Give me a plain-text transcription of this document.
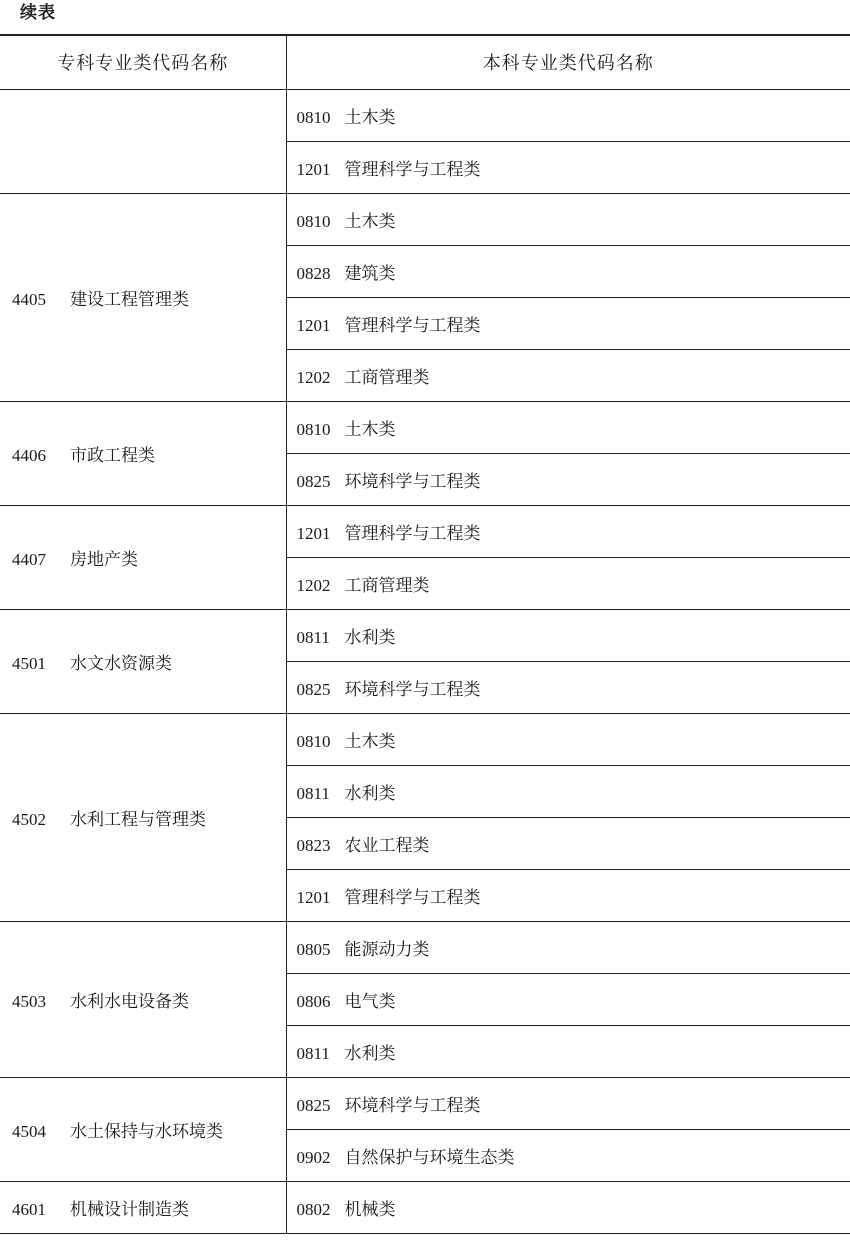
续表
专科专业类代码名称	本科专业类代码名称
	0810 土木类
	1201 管理科学与工程类
4405 建设工程管理类	0810 土木类
	0828 建筑类
	1201 管理科学与工程类
	1202 工商管理类
4406 市政工程类	0810 土木类
	0825 环境科学与工程类
4407 房地产类	1201 管理科学与工程类
	1202 工商管理类
4501 水文水资源类	0811 水利类
	0825 环境科学与工程类
4502 水利工程与管理类	0810 土木类
	0811 水利类
	0823 农业工程类
	1201 管理科学与工程类
4503 水利水电设备类	0805 能源动力类
	0806 电气类
	0811 水利类
4504 水土保持与水环境类	0825 环境科学与工程类
	0902 自然保护与环境生态类
4601 机械设计制造类	0802 机械类
